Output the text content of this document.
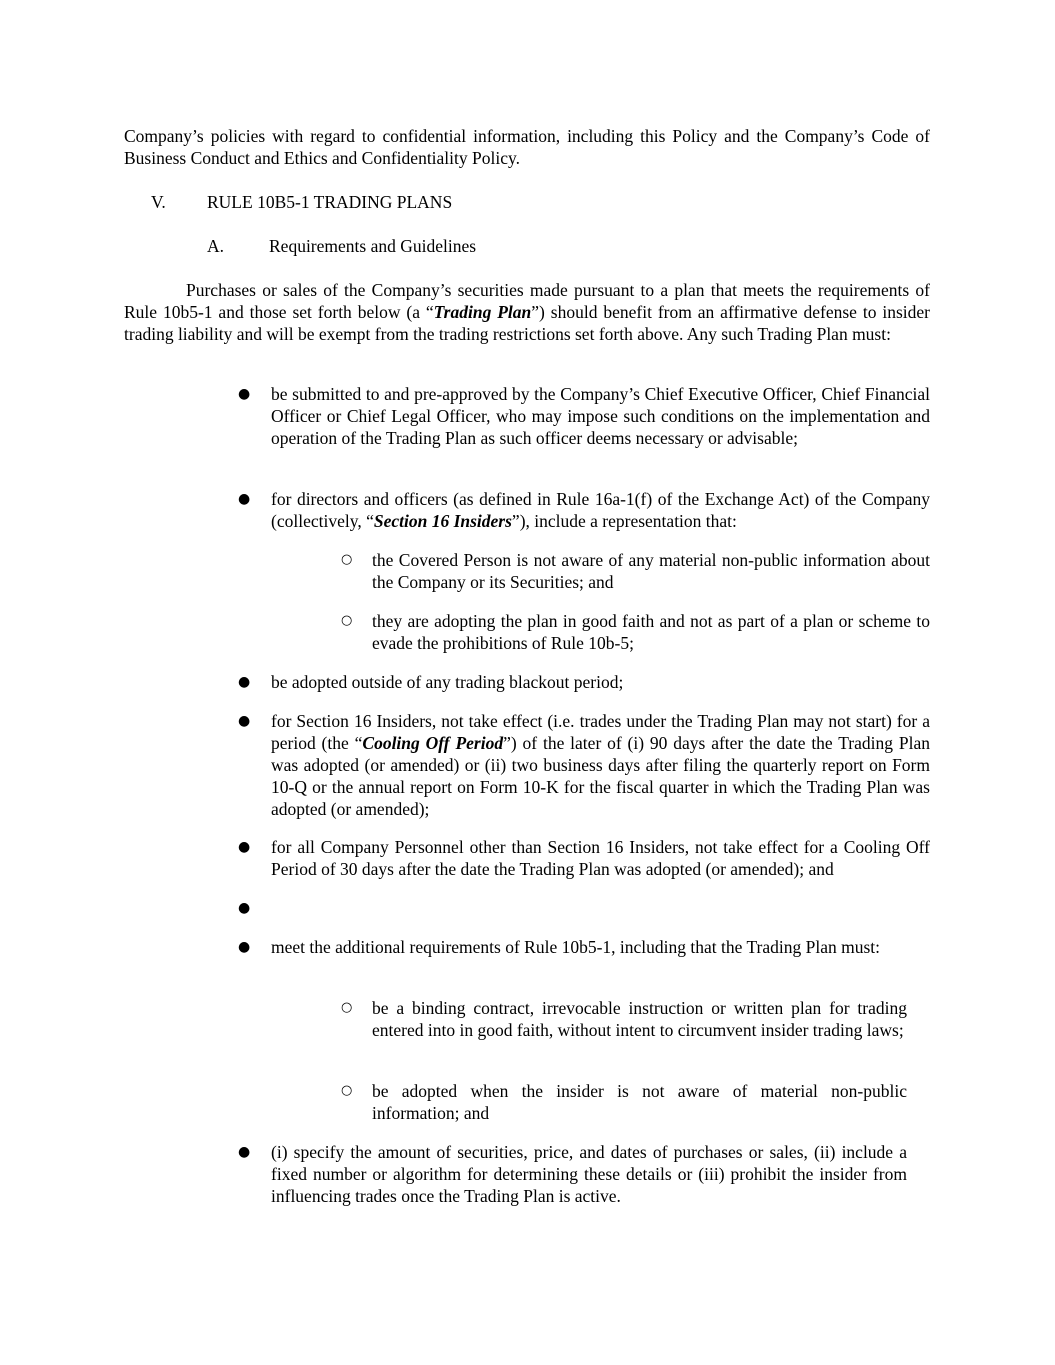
Company’s policies with regard to confidential information, including this Policy and the Company’s Code of Business Conduct and Ethics and Confidentiality Policy.
V. RULE 10B5-1 TRADING PLANS
A.	Requirements and Guidelines
Purchases or sales of the Company’s securities made pursuant to a plan that meets the requirements of Rule 10b5-1 and those set forth below (a “Trading Plan”) should benefit from an affirmative defense to insider trading liability and will be exempt from the trading restrictions set forth above. Any such Trading Plan must:
● be submitted to and pre-approved by the Company’s Chief Executive Officer, Chief Financial Officer or Chief Legal Officer, who may impose such conditions on the implementation and operation of the Trading Plan as such officer deems necessary or advisable;
● for directors and officers (as defined in Rule 16a-1(f) of the Exchange Act) of the Company (collectively, “Section 16 Insiders”), include a representation that:
○ the Covered Person is not aware of any material non-public information about the Company or its Securities; and
○ they are adopting the plan in good faith and not as part of a plan or scheme to evade the prohibitions of Rule 10b-5;
● be adopted outside of any trading blackout period;
● for Section 16 Insiders, not take effect (i.e. trades under the Trading Plan may not start) for a period (the “Cooling Off Period”) of the later of (i) 90 days after the date the Trading Plan was adopted (or amended) or (ii) two business days after filing the quarterly report on Form 10-Q or the annual report on Form 10-K for the fiscal quarter in which the Trading Plan was adopted (or amended);
● for all Company Personnel other than Section 16 Insiders, not take effect for a Cooling Off Period of 30 days after the date the Trading Plan was adopted (or amended); and
●
● meet the additional requirements of Rule 10b5-1, including that the Trading Plan must:
○ be a binding contract, irrevocable instruction or written plan for trading entered into in good faith, without intent to circumvent insider trading laws;
○ be adopted when the insider is not aware of material non-public information; and
● (i) specify the amount of securities, price, and dates of purchases or sales, (ii) include a fixed number or algorithm for determining these details or (iii) prohibit the insider from influencing trades once the Trading Plan is active.
